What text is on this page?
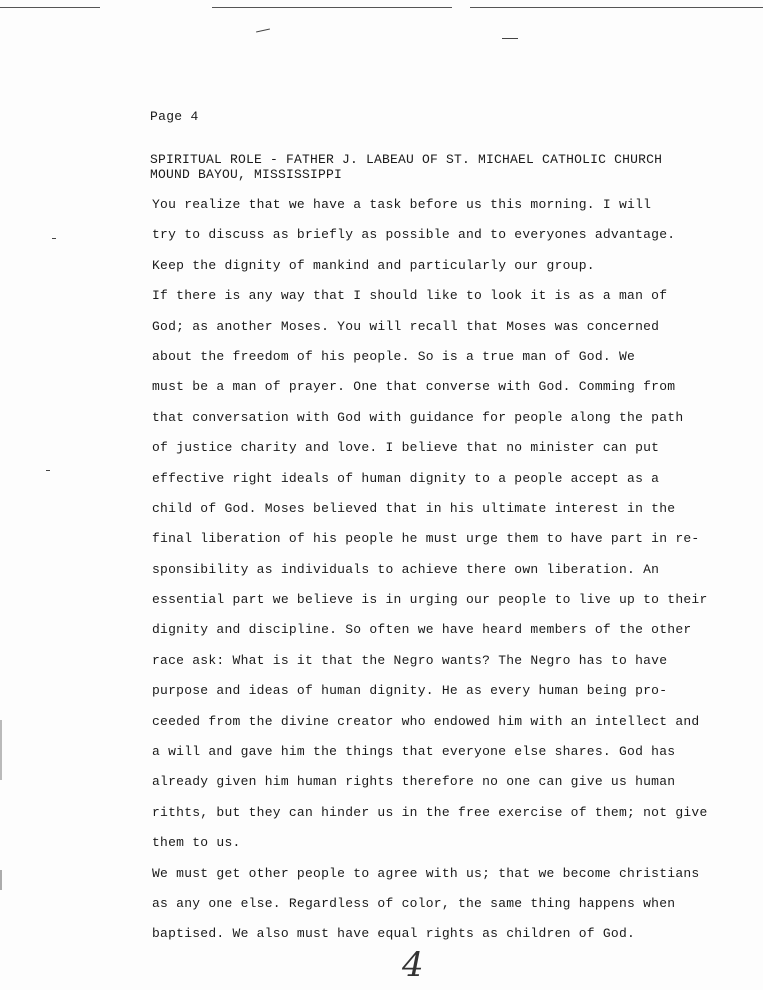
Page 4
SPIRITUAL ROLE - FATHER J. LABEAU OF ST. MICHAEL CATHOLIC CHURCH
MOUND BAYOU, MISSISSIPPI
You realize that we have a task before us this morning. I will
try to discuss as briefly as possible and to everyones advantage.
Keep the dignity of mankind and particularly our group.
If there is any way that I should like to look it is as a man of
God; as another Moses. You will recall that Moses was concerned
about the freedom of his people. So is a true man of God. We
must be a man of prayer. One that converse with God. Comming from
that conversation with God with guidance for people along the path
of justice charity and love. I believe that no minister can put
effective right ideals of human dignity to a people accept as a
child of God. Moses believed that in his ultimate interest in the
final liberation of his people he must urge them to have part in re-
sponsibility as individuals to achieve there own liberation. An
essential part we believe is in urging our people to live up to their
dignity and discipline. So often we have heard members of the other
race ask: What is it that the Negro wants? The Negro has to have
purpose and ideas of human dignity. He as every human being pro-
ceeded from the divine creator who endowed him with an intellect and
a will and gave him the things that everyone else shares. God has
already given him human rights therefore no one can give us human
rithts, but they can hinder us in the free exercise of them; not give
them to us.
We must get other people to agree with us; that we become christians
as any one else. Regardless of color, the same thing happens when
baptised. We also must have equal rights as children of God.
4
